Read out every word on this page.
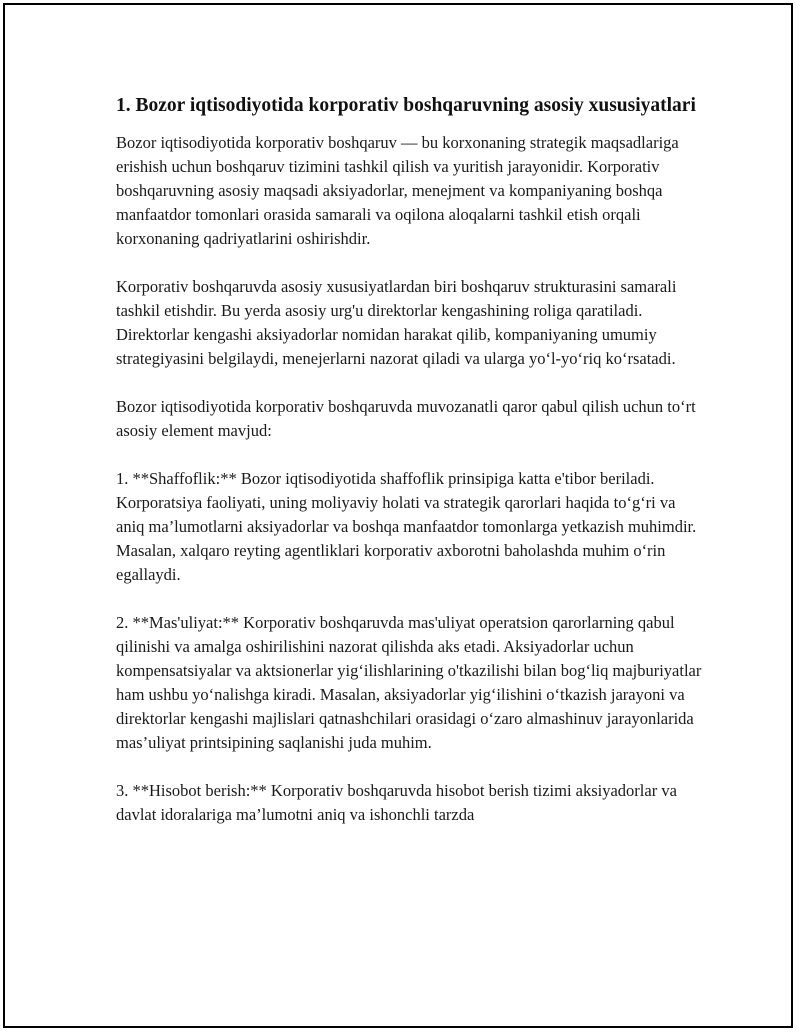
1. Bozor iqtisodiyotida korporativ boshqaruvning asosiy xususiyatlari

Bozor iqtisodiyotida korporativ boshqaruv — bu korxonaning strategik maqsadlariga erishish uchun boshqaruv tizimini tashkil qilish va yuritish jarayonidir. Korporativ boshqaruvning asosiy maqsadi aksiyadorlar, menejment va kompaniyaning boshqa manfaatdor tomonlari orasida samarali va oqilona aloqalarni tashkil etish orqali korxonaning qadriyatlarini oshirishdir.

Korporativ boshqaruvda asosiy xususiyatlardan biri boshqaruv strukturasini samarali tashkil etishdir. Bu yerda asosiy urg'u direktorlar kengashining roliga qaratiladi. Direktorlar kengashi aksiyadorlar nomidan harakat qilib, kompaniyaning umumiy strategiyasini belgilaydi, menejerlarni nazorat qiladi va ularga yo‘l-yo‘riq ko‘rsatadi.

Bozor iqtisodiyotida korporativ boshqaruvda muvozanatli qaror qabul qilish uchun to‘rt asosiy element mavjud:

1. **Shaffoflik:** Bozor iqtisodiyotida shaffoflik prinsipiga katta e'tibor beriladi. Korporatsiya faoliyati, uning moliyaviy holati va strategik qarorlari haqida to‘g‘ri va aniq ma’lumotlarni aksiyadorlar va boshqa manfaatdor tomonlarga yetkazish muhimdir. Masalan, xalqaro reyting agentliklari korporativ axborotni baholashda muhim o‘rin egallaydi.

2. **Mas'uliyat:** Korporativ boshqaruvda mas'uliyat operatsion qarorlarning qabul qilinishi va amalga oshirilishini nazorat qilishda aks etadi. Aksiyadorlar uchun kompensatsiyalar va aktsionerlar yig‘ilishlarining o'tkazilishi bilan bog‘liq majburiyatlar ham ushbu yo‘nalishga kiradi. Masalan, aksiyadorlar yig‘ilishini o‘tkazish jarayoni va direktorlar kengashi majlislari qatnashchilari orasidagi o‘zaro almashinuv jarayonlarida mas’uliyat printsipining saqlanishi juda muhim.

3. **Hisobot berish:** Korporativ boshqaruvda hisobot berish tizimi aksiyadorlar va davlat idoralariga ma’lumotni aniq va ishonchli tarzda
